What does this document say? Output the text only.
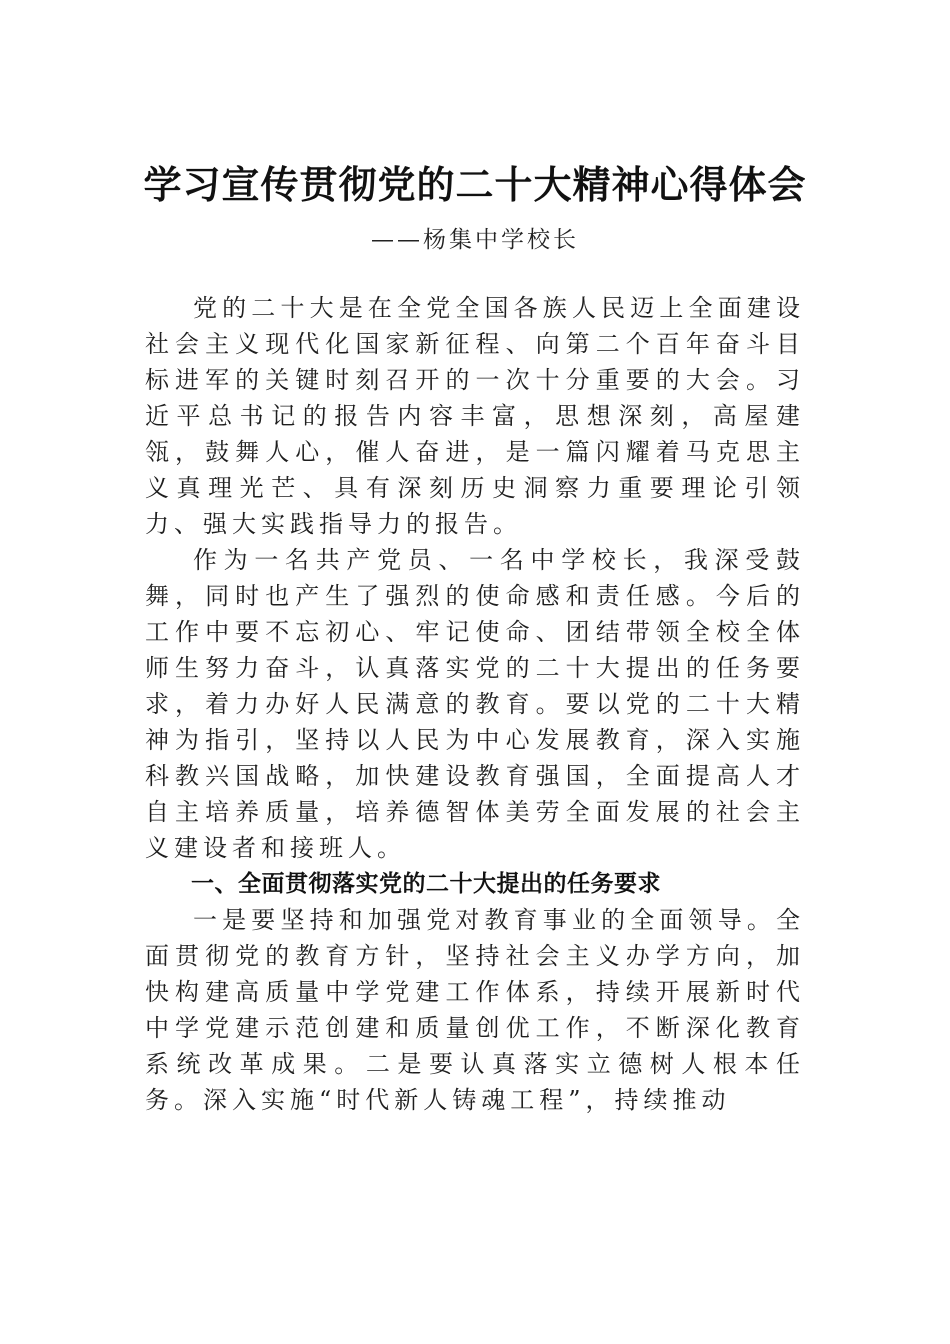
学习宣传贯彻党的二十大精神心得体会
——杨集中学校长

党的二十大是在全党全国各族人民迈上全面建设社会主义现代化国家新征程、向第二个百年奋斗目标进军的关键时刻召开的一次十分重要的大会。习近平总书记的报告内容丰富，思想深刻，高屋建瓴，鼓舞人心，催人奋进，是一篇闪耀着马克思主义真理光芒、具有深刻历史洞察力重要理论引领力、强大实践指导力的报告。

作为一名共产党员、一名中学校长，我深受鼓舞，同时也产生了强烈的使命感和责任感。今后的工作中要不忘初心、牢记使命、团结带领全校全体师生努力奋斗，认真落实党的二十大提出的任务要求，着力办好人民满意的教育。要以党的二十大精神为指引，坚持以人民为中心发展教育，深入实施科教兴国战略，加快建设教育强国，全面提高人才自主培养质量，培养德智体美劳全面发展的社会主义建设者和接班人。

一、全面贯彻落实党的二十大提出的任务要求

一是要坚持和加强党对教育事业的全面领导。全面贯彻党的教育方针，坚持社会主义办学方向，加快构建高质量中学党建工作体系，持续开展新时代中学党建示范创建和质量创优工作，不断深化教育系统改革成果。二是要认真落实立德树人根本任务。深入实施“时代新人铸魂工程”，持续推动
